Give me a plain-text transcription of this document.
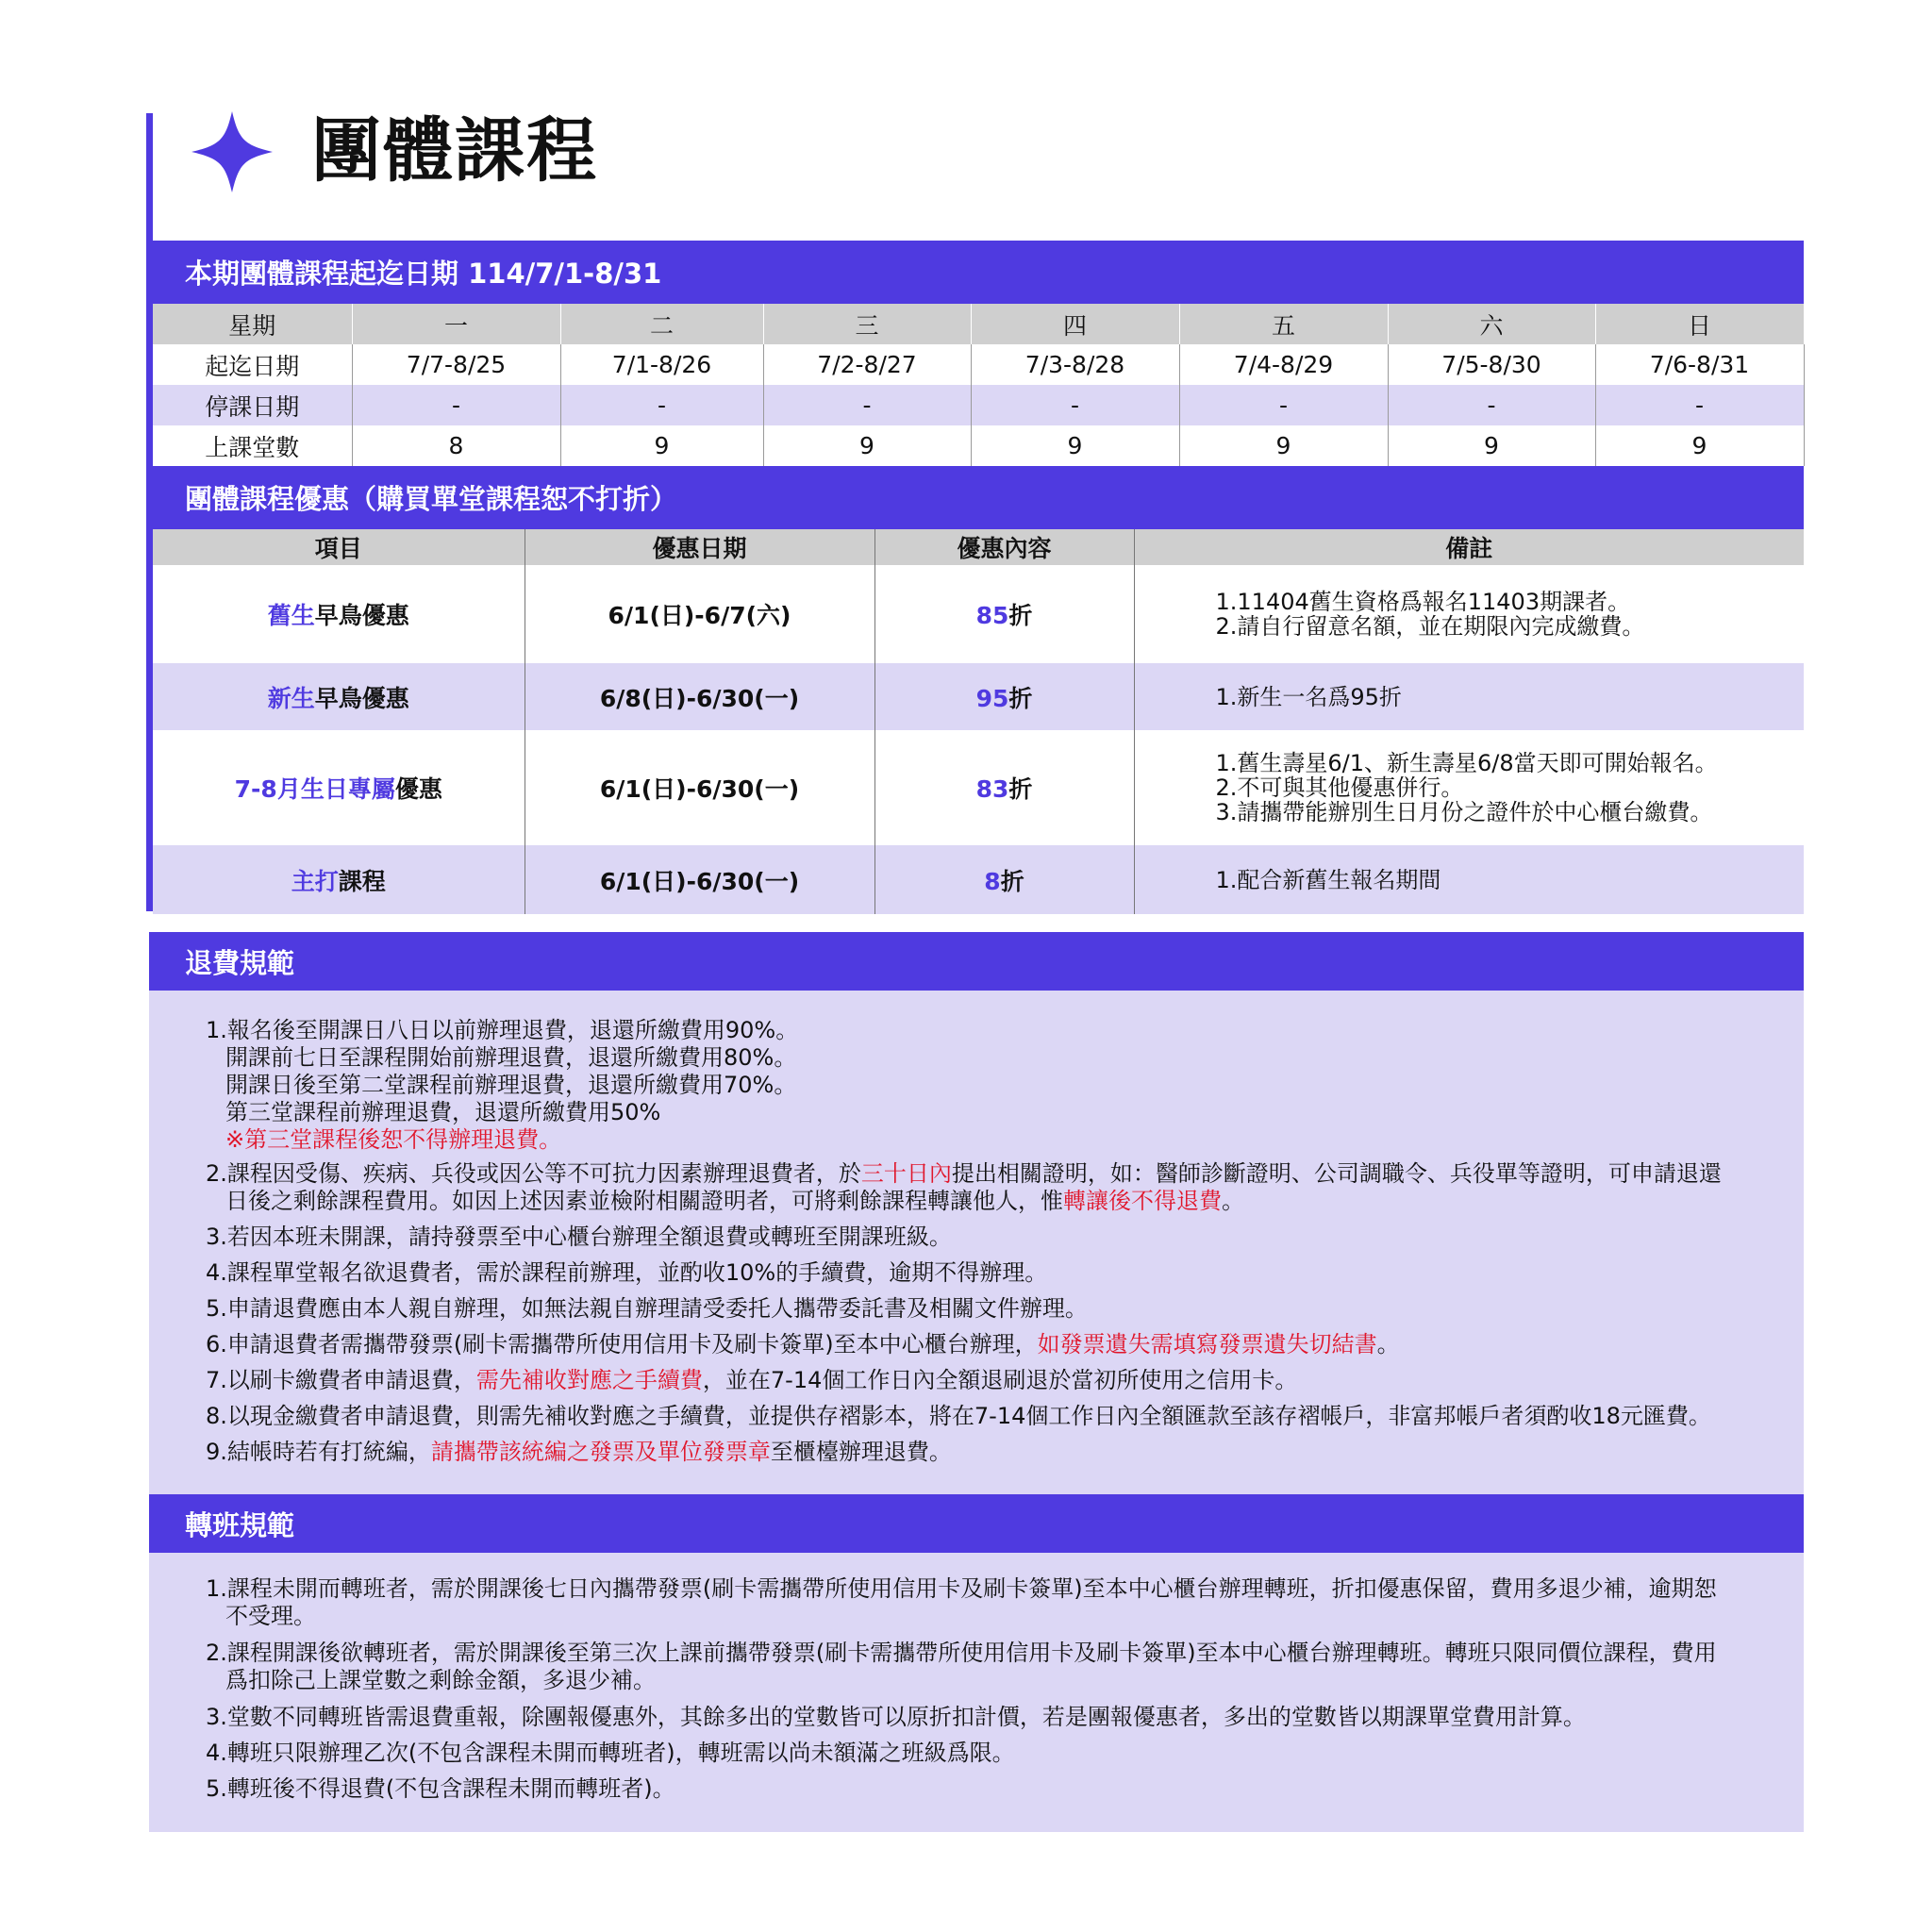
團體課程
本期團體課程起迄日期 114/7/1-8/31
星期	一	二	三	四	五	六	日
起迄日期	7/7-8/25	7/1-8/26	7/2-8/27	7/3-8/28	7/4-8/29	7/5-8/30	7/6-8/31
停課日期	-	-	-	-	-	-	-
上課堂數	8	9	9	9	9	9	9
團體課程優惠（購買單堂課程恕不打折）
項目	優惠日期	優惠內容	備註
舊生早鳥優惠	6/1(日)-6/7(六)	85折	1.11404舊生資格爲報名11403期課者。
2.請自行留意名額，並在期限內完成繳費。

新生早鳥優惠	6/8(日)-6/30(一)	95折	1.新生一名爲95折

7-8月生日專屬優惠	6/1(日)-6/30(一)	83折	1.舊生壽星6/1、新生壽星6/8當天即可開始報名。
2.不可與其他優惠併行。
3.請攜帶能辦別生日月份之證件於中心櫃台繳費。

主打課程	6/1(日)-6/30(一)	8折	1.配合新舊生報名期間
退費規範
1.報名後至開課日八日以前辦理退費，退還所繳費用90%。
開課前七日至課程開始前辦理退費，退還所繳費用80%。
開課日後至第二堂課程前辦理退費，退還所繳費用70%。
第三堂課程前辦理退費，退還所繳費用50%
※第三堂課程後恕不得辦理退費。
2.課程因受傷、疾病、兵役或因公等不可抗力因素辦理退費者，於三十日內提出相關證明，如：醫師診斷證明、公司調職令、兵役單等證明，可申請退還
日後之剩餘課程費用。如因上述因素並檢附相關證明者，可將剩餘課程轉讓他人，惟轉讓後不得退費。
3.若因本班未開課，請持發票至中心櫃台辦理全額退費或轉班至開課班級。
4.課程單堂報名欲退費者，需於課程前辦理，並酌收10%的手續費，逾期不得辦理。
5.申請退費應由本人親自辦理，如無法親自辦理請受委托人攜帶委託書及相關文件辦理。
6.申請退費者需攜帶發票(刷卡需攜帶所使用信用卡及刷卡簽單)至本中心櫃台辦理，如發票遺失需填寫發票遺失切結書。
7.以刷卡繳費者申請退費，需先補收對應之手續費，並在7-14個工作日內全額退刷退於當初所使用之信用卡。
8.以現金繳費者申請退費，則需先補收對應之手續費，並提供存褶影本，將在7-14個工作日內全額匯款至該存褶帳戶，非富邦帳戶者須酌收18元匯費。
9.結帳時若有打統編，請攜帶該統編之發票及單位發票章至櫃檯辦理退費。
轉班規範
1.課程未開而轉班者，需於開課後七日內攜帶發票(刷卡需攜帶所使用信用卡及刷卡簽單)至本中心櫃台辦理轉班，折扣優惠保留，費用多退少補，逾期恕
不受理。
2.課程開課後欲轉班者，需於開課後至第三次上課前攜帶發票(刷卡需攜帶所使用信用卡及刷卡簽單)至本中心櫃台辦理轉班。轉班只限同價位課程，費用
爲扣除己上課堂數之剩餘金額，多退少補。
3.堂數不同轉班皆需退費重報，除團報優惠外，其餘多出的堂數皆可以原折扣計價，若是團報優惠者，多出的堂數皆以期課單堂費用計算。
4.轉班只限辦理乙次(不包含課程未開而轉班者)，轉班需以尚未額滿之班級爲限。
5.轉班後不得退費(不包含課程未開而轉班者)。
